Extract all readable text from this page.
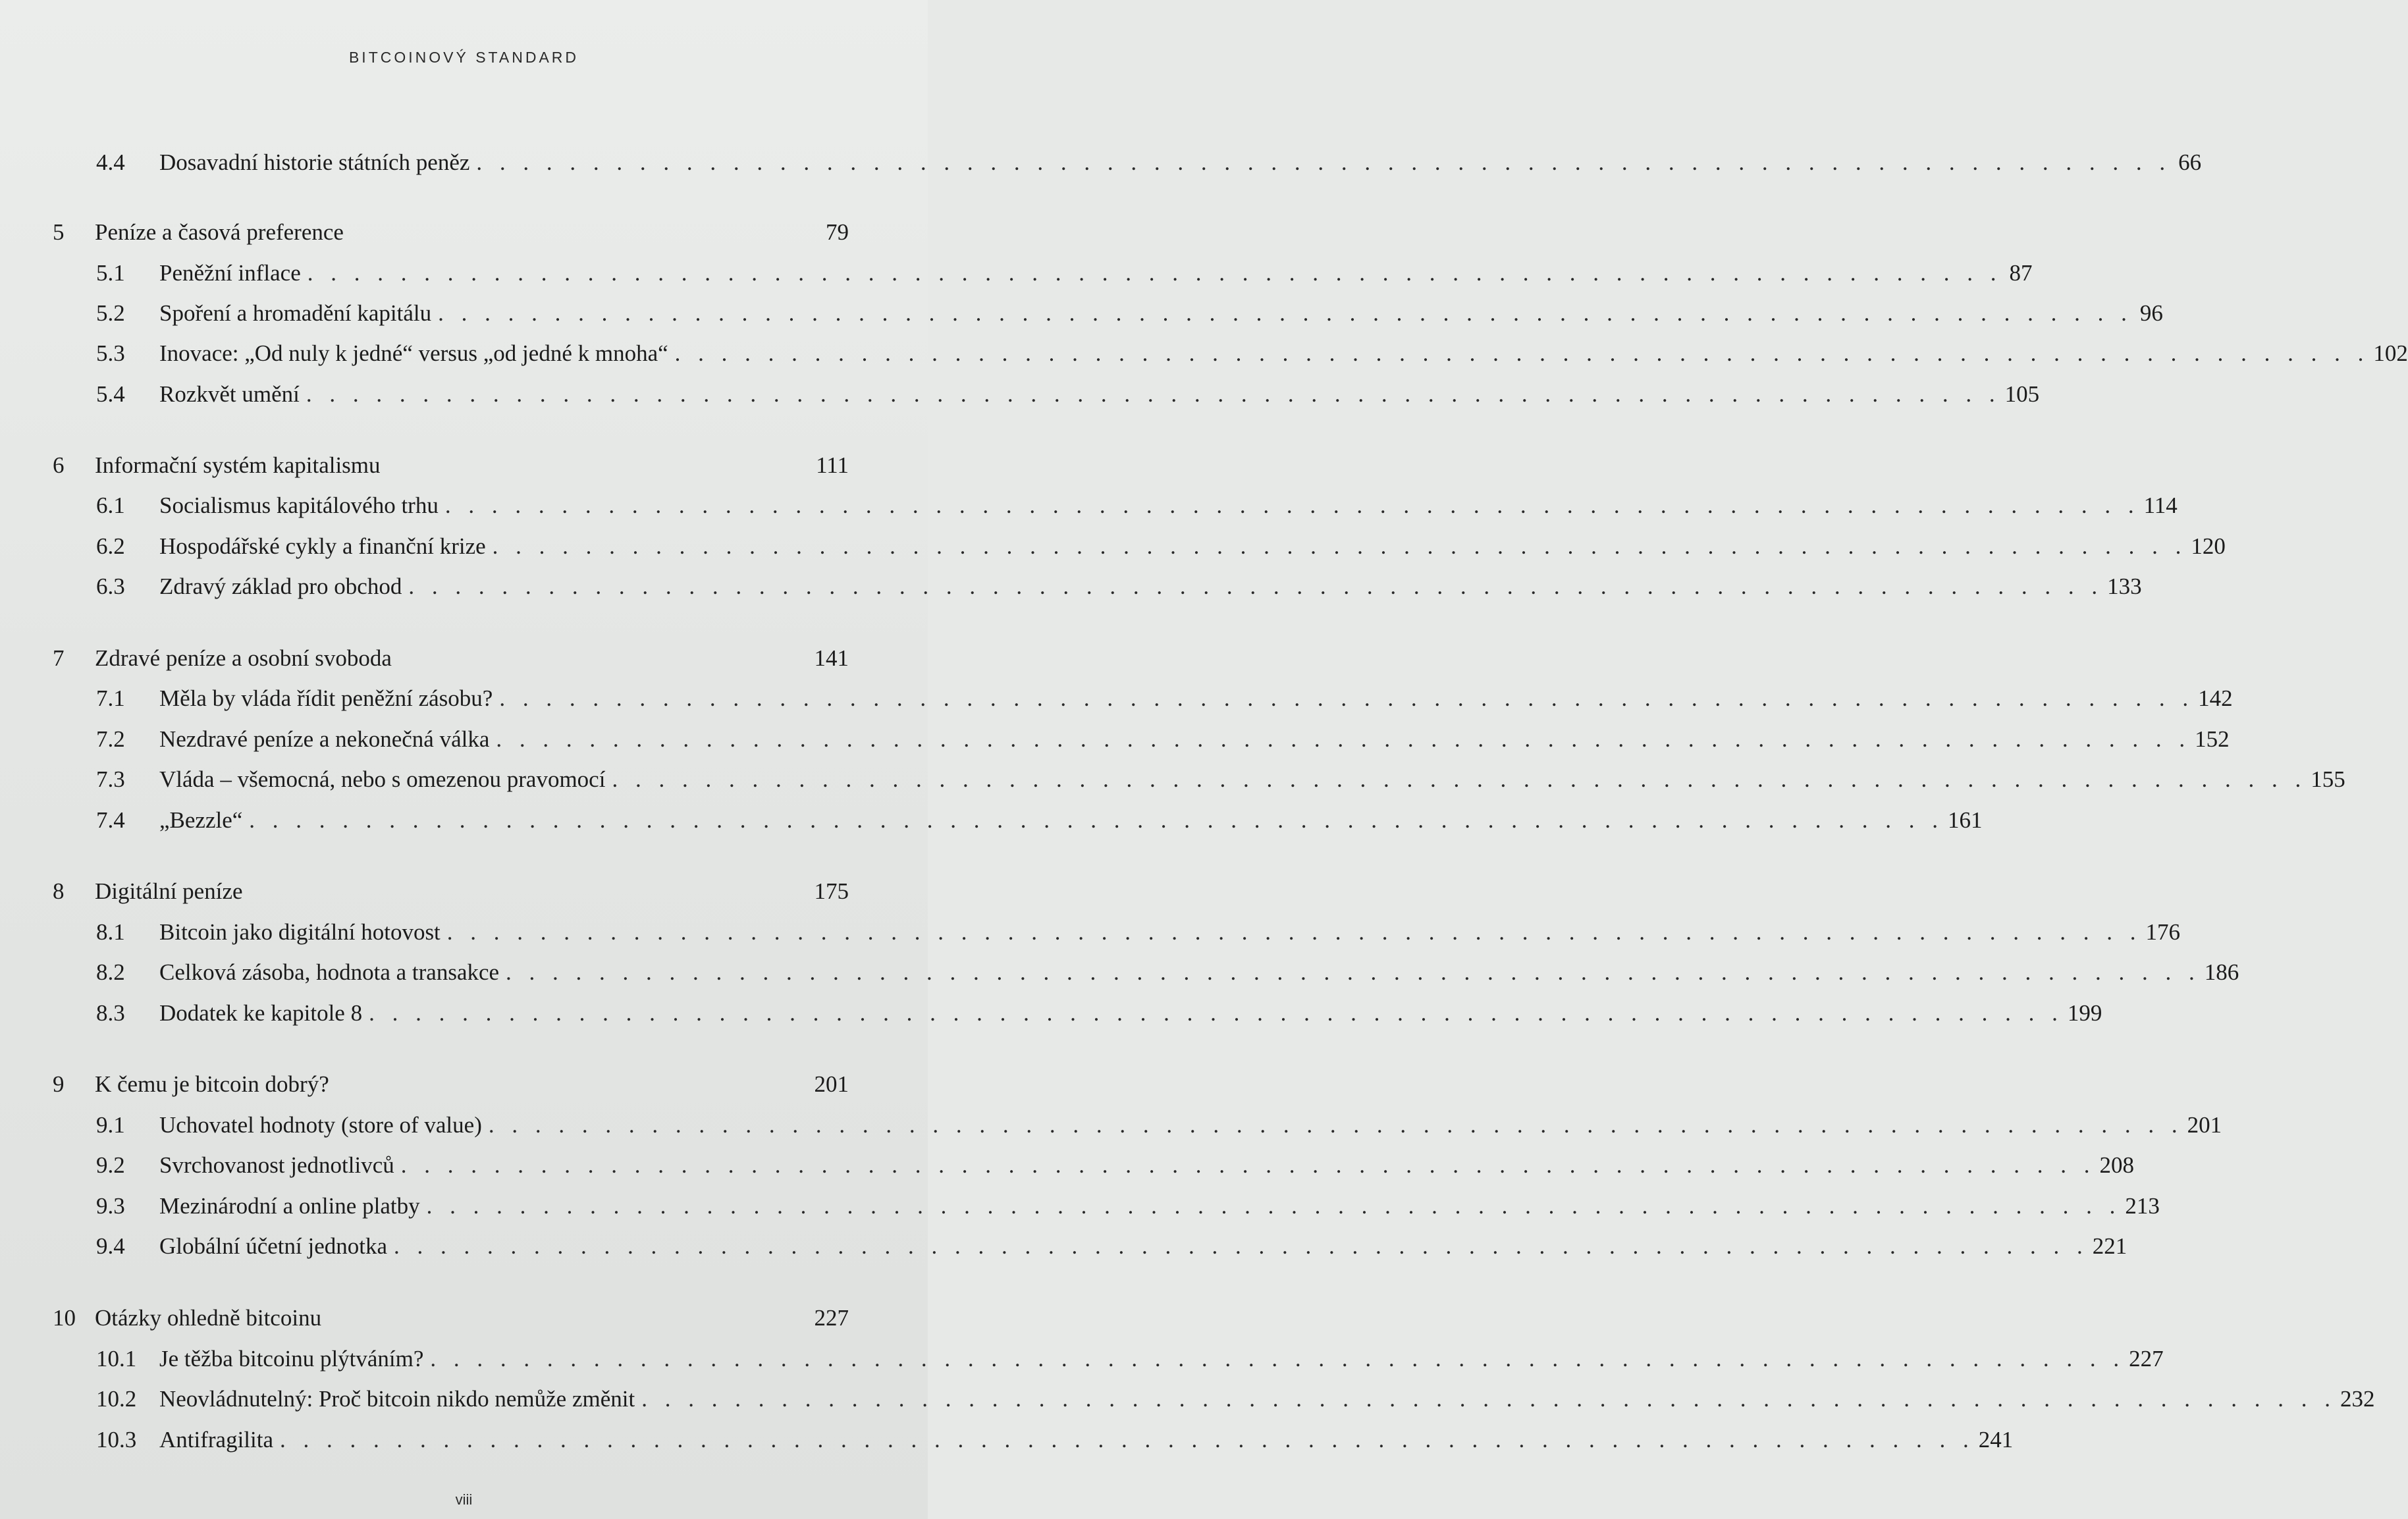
BITCOINOVÝ STANDARD
4.4	Dosavadní historie státních peněz . . .	66
5	Peníze a časová preference	79
5.1	Peněžní inflace . . .	87
5.2	Spoření a hromadění kapitálu . . .	96
5.3	Inovace: „Od nuly k jedné“ versus „od jedné k mnoha“ . . .	102
5.4	Rozkvět umění . . .	105
6	Informační systém kapitalismu	111
6.1	Socialismus kapitálového trhu . . .	114
6.2	Hospodářské cykly a finanční krize . . .	120
6.3	Zdravý základ pro obchod . . .	133
7	Zdravé peníze a osobní svoboda	141
7.1	Měla by vláda řídit peněžní zásobu? . . .	142
7.2	Nezdravé peníze a nekonečná válka . . .	152
7.3	Vláda – všemocná, nebo s omezenou pravomocí . . .	155
7.4	„Bezzle“ . . .	161
8	Digitální peníze	175
8.1	Bitcoin jako digitální hotovost . . .	176
8.2	Celková zásoba, hodnota a transakce . . .	186
8.3	Dodatek ke kapitole 8 . . .	199
9	K čemu je bitcoin dobrý?	201
9.1	Uchovatel hodnoty (store of value) . . .	201
9.2	Svrchovanost jednotlivců . . .	208
9.3	Mezinárodní a online platby . . .	213
9.4	Globální účetní jednotka . . .	221
10 Otázky ohledně bitcoinu	227
10.1 Je těžba bitcoinu plýtváním? . . .	227
10.2 Neovládnutelný: Proč bitcoin nikdo nemůže změnit . . .	232
10.3 Antifragilita . . .	241
viii
